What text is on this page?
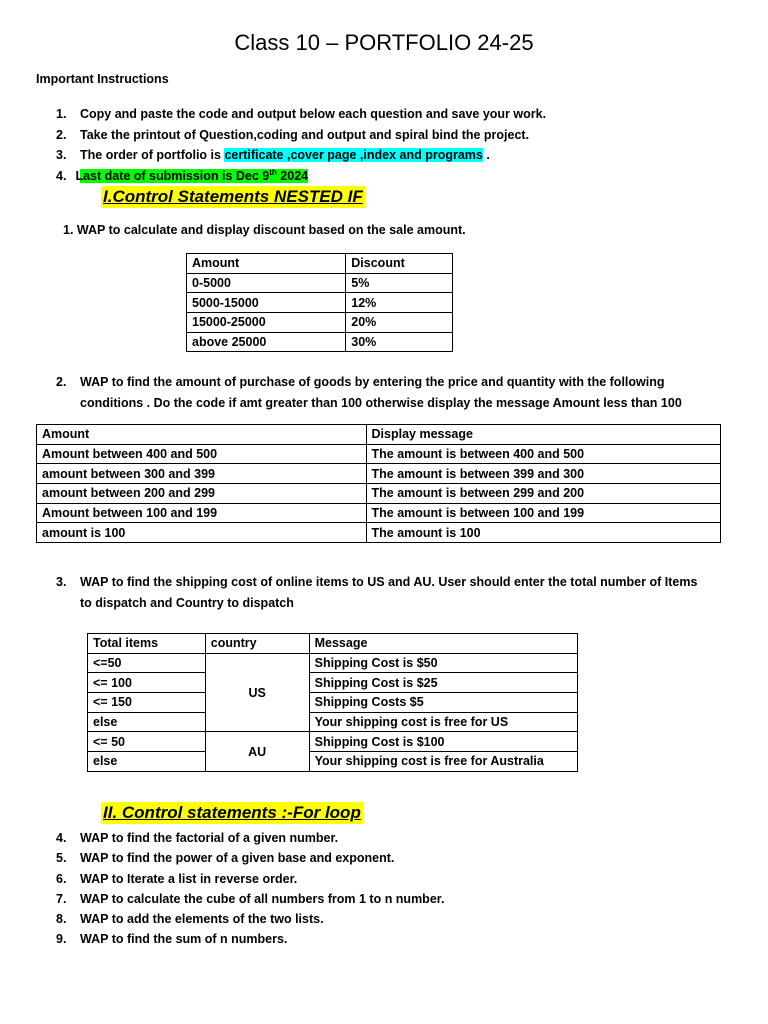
Class 10 – PORTFOLIO 24-25

Important Instructions

1. Copy and paste the code and output below each question and save your work.
2. Take the printout of Question,coding and output and spiral bind the project.
3. The order of portfolio is certificate ,cover page ,index and programs .
4. Last date of submission is Dec 9th 2024
I.Control Statements NESTED IF

1. WAP to calculate and display discount based on the sale amount.

Amount	Discount
0-5000	5%
5000-15000	12%
15000-25000	20%
above 25000	30%
2. WAP to find the amount of purchase of goods by entering the price and quantity with the following
conditions . Do the code if amt greater than 100 otherwise display the message Amount less than 100
Amount	Display message
Amount between 400 and 500	The amount is between 400 and 500
amount between 300 and 399	The amount is between 399 and 300
amount between 200 and 299	The amount is between 299 and 200
Amount between 100 and 199	The amount is between 100 and 199
amount is 100	The amount is 100
3. WAP to find the shipping cost of online items to US and AU. User should enter the total number of Items
to dispatch and Country to dispatch
Total items	country	Message
<=50	US	Shipping Cost is $50
<= 100		Shipping Cost is $25
<= 150		Shipping Costs $5
else		Your shipping cost is free for US
<= 50	AU	Shipping Cost is $100
else		Your shipping cost is free for Australia
II. Control statements :-For loop
4. WAP to find the factorial of a given number.
5. WAP to find the power of a given base and exponent.
6. WAP to Iterate a list in reverse order.
7. WAP to calculate the cube of all numbers from 1 to n number.
8. WAP to add the elements of the two lists.
9. WAP to find the sum of n numbers.
